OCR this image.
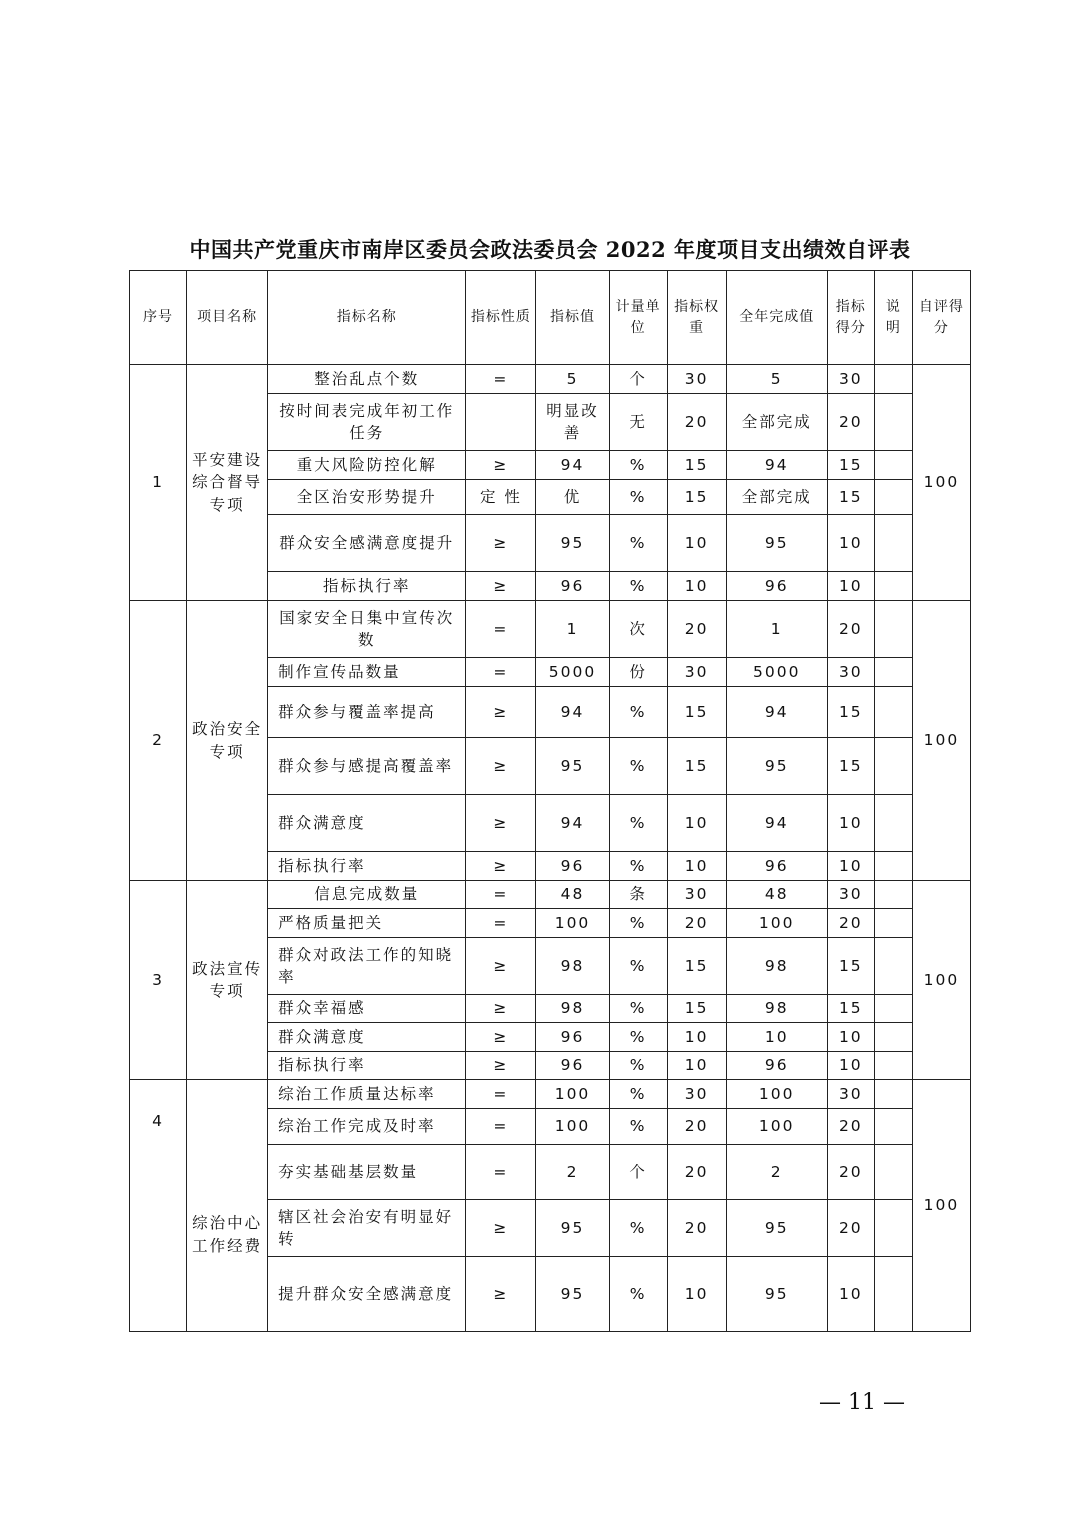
中国共产党重庆市南岸区委员会政法委员会 2022 年度项目支出绩效自评表
序号	项目名称	指标名称	指标性质	指标值	计量单位	指标权重	全年完成值	指标得分	说明	自评得分
1	平安建设综合督导专项	整治乱点个数	=	5	个	30	5	30		100
		按时间表完成年初工作任务		明显改善	无	20	全部完成	20		
		重大风险防控化解	≥	94	%	15	94	15		
		全区治安形势提升	定 性	优	%	15	全部完成	15		
		群众安全感满意度提升	≥	95	%	10	95	10		
		指标执行率	≥	96	%	10	96	10		
2	政治安全专项	国家安全日集中宣传次数	=	1	次	20	1	20		100
		制作宣传品数量	=	5000	份	30	5000	30		
		群众参与覆盖率提高	≥	94	%	15	94	15		
		群众参与感提高覆盖率	≥	95	%	15	95	15		
		群众满意度	≥	94	%	10	94	10		
		指标执行率	≥	96	%	10	96	10		
3	政法宣传专项	信息完成数量	=	48	条	30	48	30		100
		严格质量把关	=	100	%	20	100	20		
		群众对政法工作的知晓率	≥	98	%	15	98	15		
		群众幸福感	≥	98	%	15	98	15		
		群众满意度	≥	96	%	10	10	10		
		指标执行率	≥	96	%	10	96	10		
4	综治中心工作经费	综治工作质量达标率	=	100	%	30	100	30		100
		综治工作完成及时率	=	100	%	20	100	20		
		夯实基础基层数量	=	2	个	20	2	20		
		辖区社会治安有明显好转	≥	95	%	20	95	20		
		提升群众安全感满意度	≥	95	%	10	95	10		
— 11 —
